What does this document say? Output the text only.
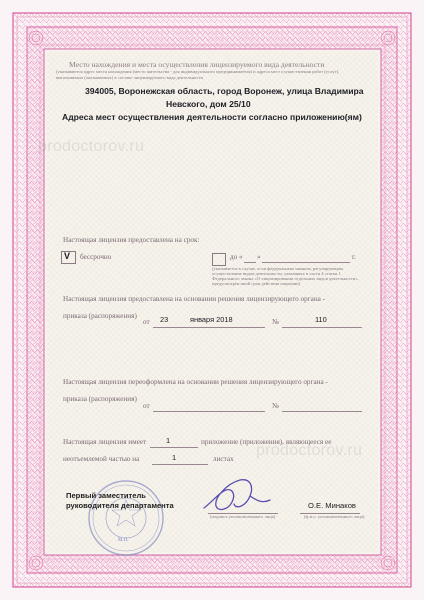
prodoctorov.ru
prodoctorov.ru
Место нахождения и места осуществления лицензируемого вида деятельности
(указываются адрес места нахождения (место жительства - для индивидуального предпринимателя) и адреса мест осуществления работ (услуг),
выполняемых (оказываемых) в составе лицензируемого вида деятельности
394005, Воронежская область, город Воронеж, улица Владимира
Невского, дом 25/10
Адреса мест осуществления деятельности согласно приложению(ям)
Настоящая лицензия предоставлена на срок:
V бессрочно	до « »	г.
(указывается в случае, если федеральным законом, регулирующим
осуществление видов деятельности, указанных в части 4 статьи 1
Федерального закона «О лицензировании отдельных видов деятельности»,
предусмотрен иной срок действия лицензии)
Настоящая лицензия предоставлена на основании решения лицензирующего органа -
приказа (распоряжения)
от 23	января 2018	№	110
Настоящая лицензия переоформлена на основании решения лицензирующего органа -
приказа (распоряжения)
от	№
Настоящая лицензия имеет	1	приложение (приложения), являющееся ее
неотъемлемой частью на	1	листах
М.П.
Первый заместитель
руководителя департамента
(подпись уполномоченного лица)
О.Е. Минаков
(ф.и.о. уполномоченного лица)
